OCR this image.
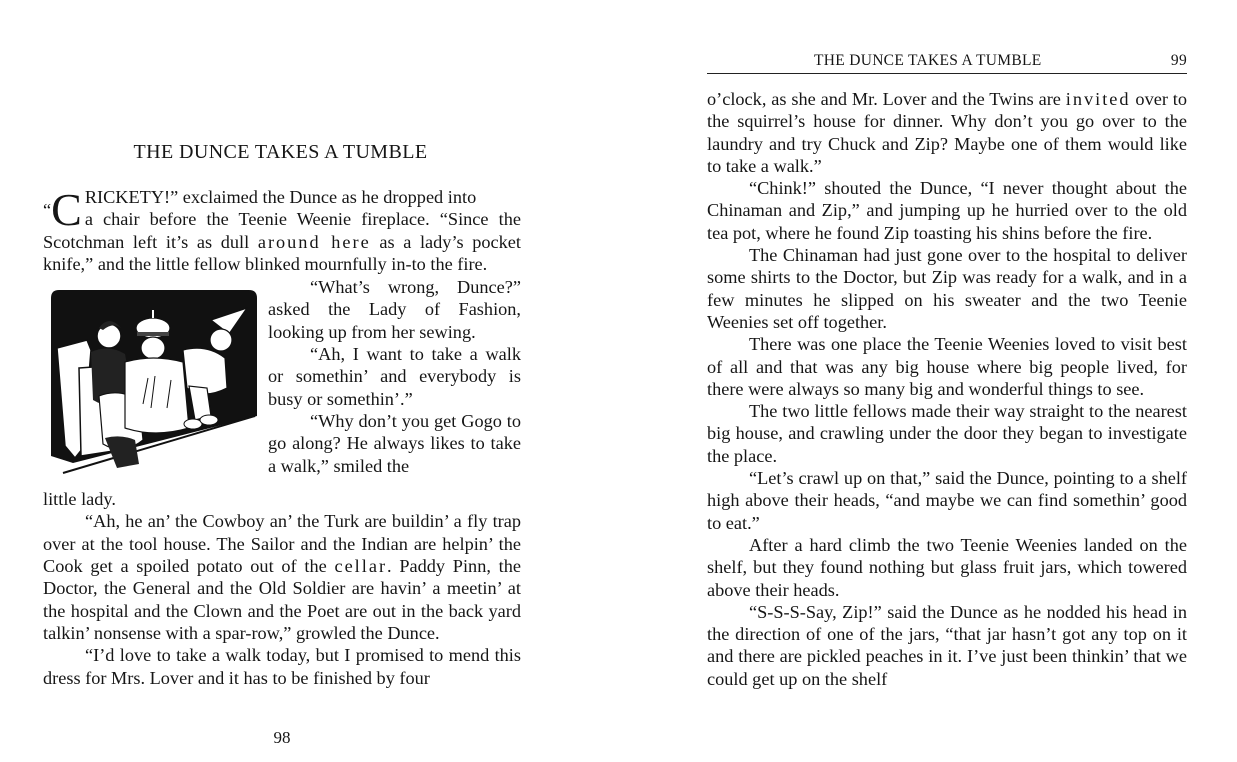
THE DUNCE TAKES A TUMBLE

“C RICKETY!” exclaimed the Dunce as he dropped into
a chair before the Teenie Weenie fireplace. “Since the Scotchman left it’s as dull around here as a lady’s pocket knife,” and the little fellow blinked mournfully in-to the fire.

“What’s wrong, Dunce?” asked the Lady of Fashion, looking up from her sewing.

“Ah, I want to take a walk or somethin’ and everybody is busy or somethin’.”

“Why don’t you get Gogo to go along? He always likes to take a walk,” smiled the

little lady.

“Ah, he an’ the Cowboy an’ the Turk are buildin’ a fly trap over at the tool house. The Sailor and the Indian are helpin’ the Cook get a spoiled potato out of the cellar. Paddy Pinn, the Doctor, the General and the Old Soldier are havin’ a meetin’ at the hospital and the Clown and the Poet are out in the back yard talkin’ nonsense with a spar-row,” growled the Dunce.

“I’d love to take a walk today, but I promised to mend this dress for Mrs. Lover and it has to be finished by four

98
THE DUNCE TAKES A TUMBLE	99

o’clock, as she and Mr. Lover and the Twins are invited over to the squirrel’s house for dinner. Why don’t you go over to the laundry and try Chuck and Zip? Maybe one of them would like to take a walk.”

“Chink!” shouted the Dunce, “I never thought about the Chinaman and Zip,” and jumping up he hurried over to the old tea pot, where he found Zip toasting his shins before the fire.

The Chinaman had just gone over to the hospital to deliver some shirts to the Doctor, but Zip was ready for a walk, and in a few minutes he slipped on his sweater and the two Teenie Weenies set off together.

There was one place the Teenie Weenies loved to visit best of all and that was any big house where big people lived, for there were always so many big and wonderful things to see.

The two little fellows made their way straight to the nearest big house, and crawling under the door they began to investigate the place.

“Let’s crawl up on that,” said the Dunce, pointing to a shelf high above their heads, “and maybe we can find somethin’ good to eat.”

After a hard climb the two Teenie Weenies landed on the shelf, but they found nothing but glass fruit jars, which towered above their heads.

“S-S-S-Say, Zip!” said the Dunce as he nodded his head in the direction of one of the jars, “that jar hasn’t got any top on it and there are pickled peaches in it. I’ve just been thinkin’ that we could get up on the shelf
